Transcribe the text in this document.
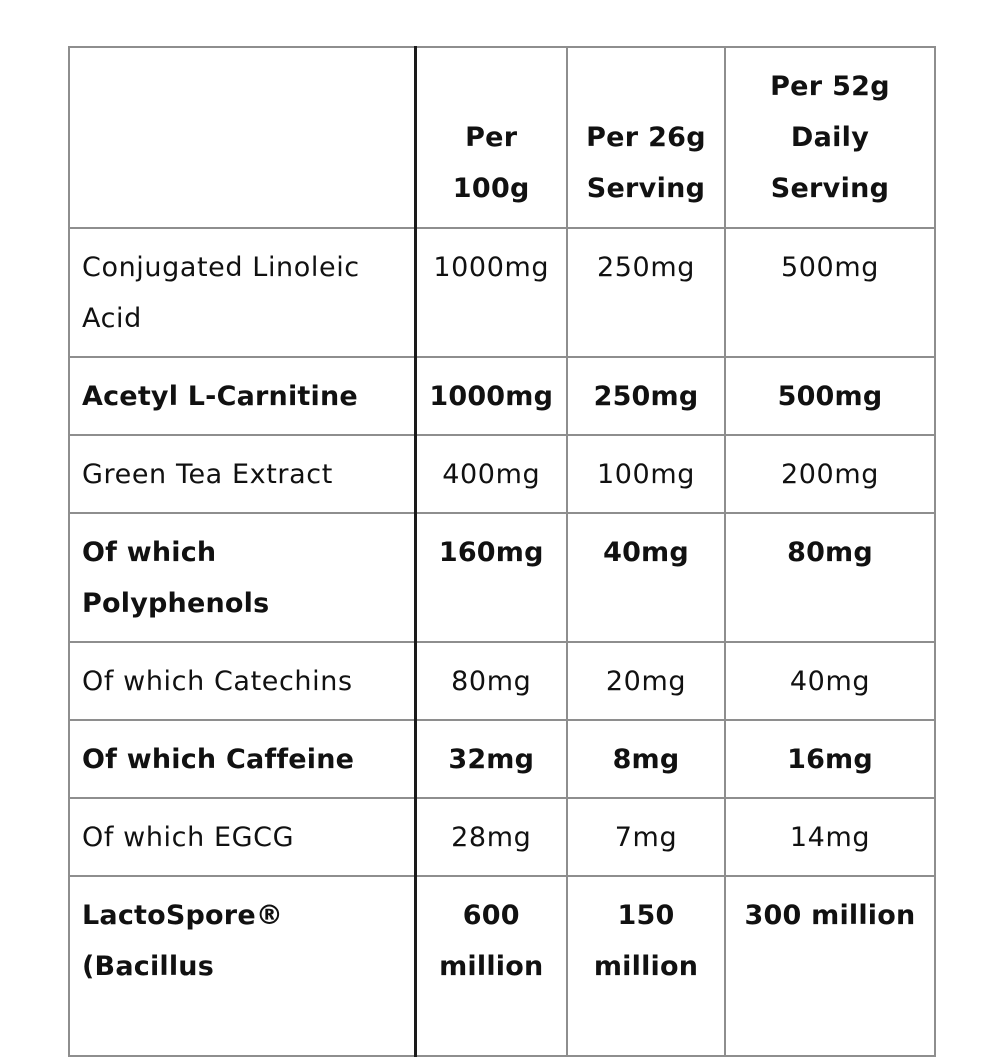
	Per 100g	Per 26g Serving	Per 52g Daily Serving
Conjugated Linoleic Acid	1000mg	250mg	500mg
Acetyl L-Carnitine	1000mg	250mg	500mg
Green Tea Extract	400mg	100mg	200mg
Of which Polyphenols	160mg	40mg	80mg
Of which Catechins	80mg	20mg	40mg
Of which Caffeine	32mg	8mg	16mg
Of which EGCG	28mg	7mg	14mg
LactoSpore® (Bacillus	600 million	150 million	300 million
